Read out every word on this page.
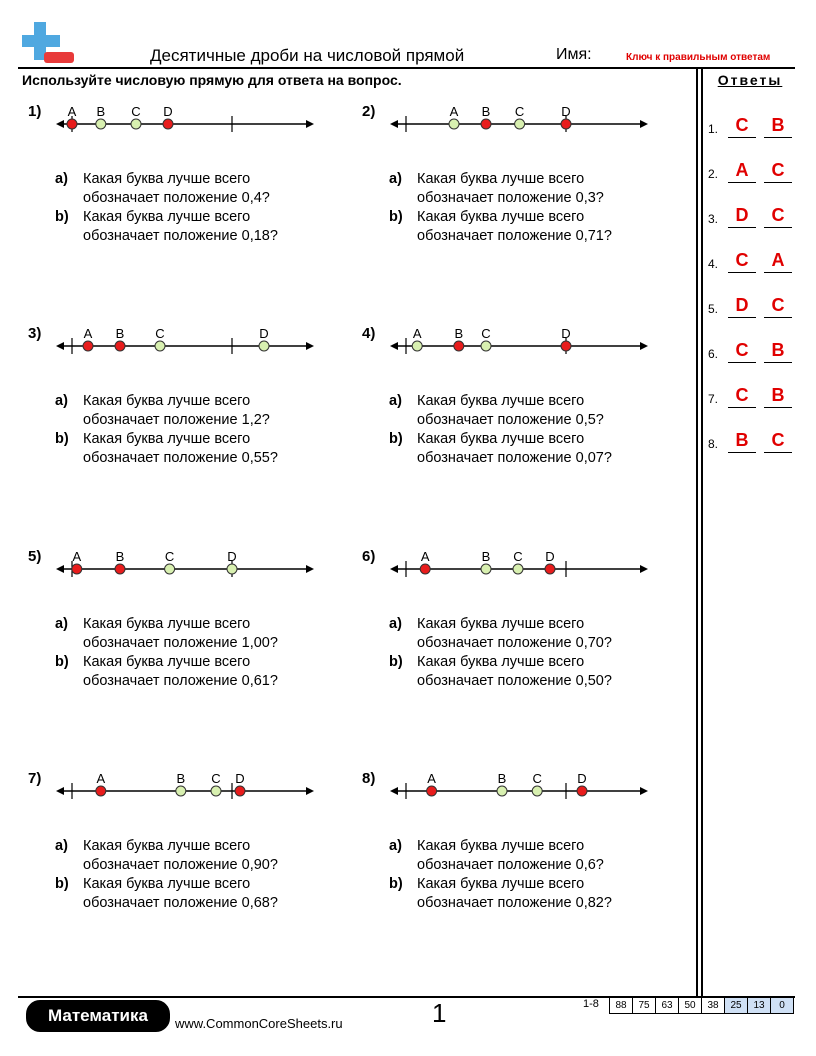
Десятичные дроби на числовой прямой	Имя:	Ключ к правильным ответам
Используйте числовую прямую для ответа на вопрос.	Ответы
1. C	B
2. A	C
3. D	C
4. C	A
5. D	C
6. C	B
7. C	B
8. B	C
1) A B C D
a) Какая буква лучше всего
обозначает положение 0,4?
b) Какая буква лучше всего
обозначает положение 0,18?
2)	A B C	D
a) Какая буква лучше всего
обозначает положение 0,3?
b) Какая буква лучше всего
обозначает положение 0,71?
3)	A B C	D
a) Какая буква лучше всего
обозначает положение 1,2?
b) Какая буква лучше всего
обозначает положение 0,55?
4)	A	B C	D
a) Какая буква лучше всего
обозначает положение 0,5?
b) Какая буква лучше всего
обозначает положение 0,07?
5) A	B	C	D
a) Какая буква лучше всего
обозначает положение 1,00?
b) Какая буква лучше всего
обозначает положение 0,61?
6)	A	B C D
a) Какая буква лучше всего
обозначает положение 0,70?
b) Какая буква лучше всего
обозначает положение 0,50?
7)	A	B C D
a) Какая буква лучше всего
обозначает положение 0,90?
b) Какая буква лучше всего
обозначает положение 0,68?
8)	A	B C	D
a) Какая буква лучше всего
обозначает положение 0,6?
b) Какая буква лучше всего
обозначает положение 0,82?
Математика	www.CommonCoreSheets.ru	1	1-8	88	75	63	50	38	25	13	0
